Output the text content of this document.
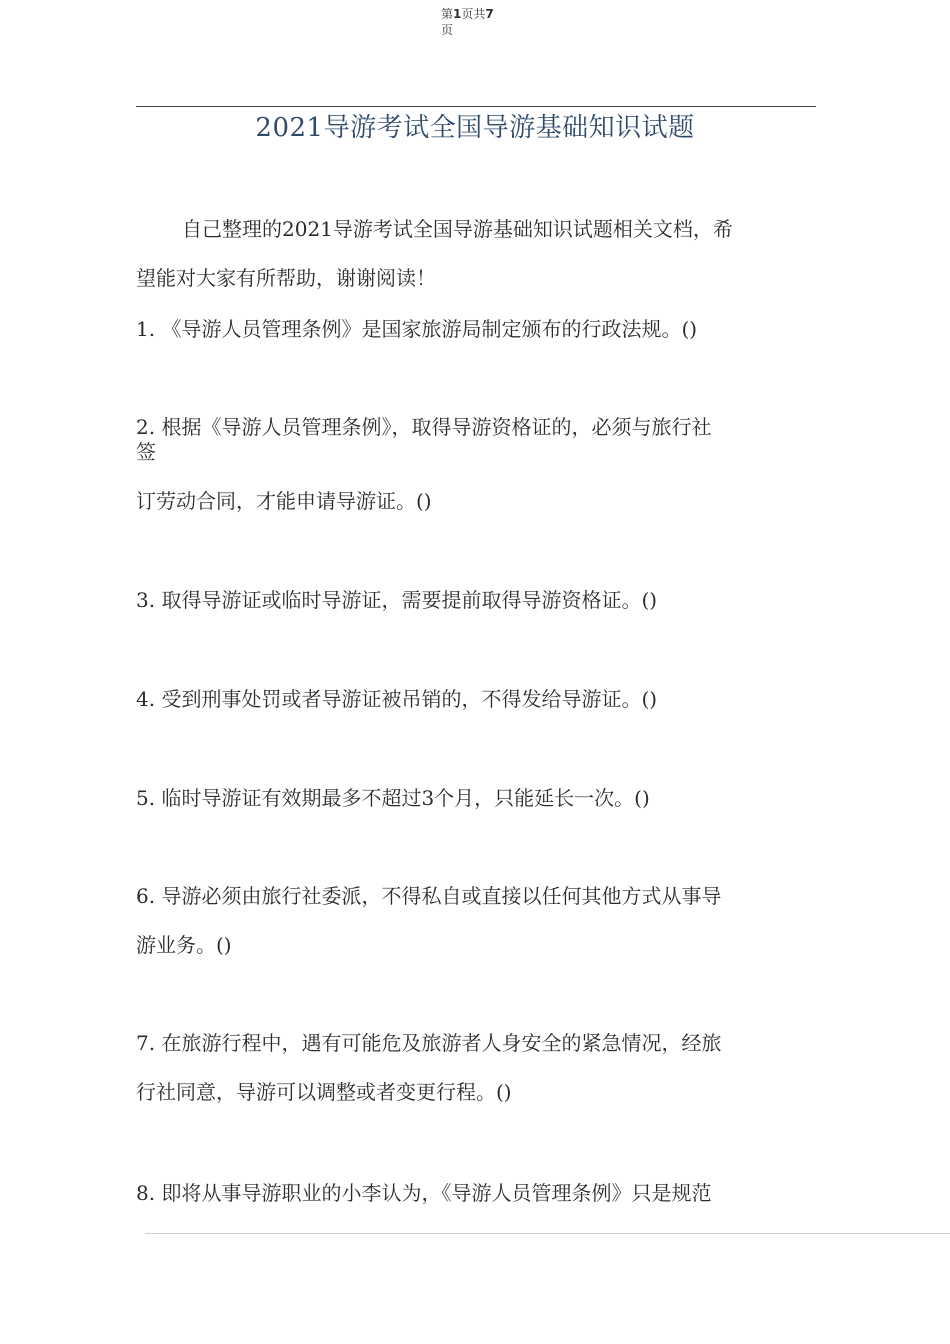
第1页共7
页
2021导游考试全国导游基础知识试题
自己整理的2021导游考试全国导游基础知识试题相关文档，希
望能对大家有所帮助，谢谢阅读！
1. 《导游人员管理条例》是国家旅游局制定颁布的行政法规。()
2. 根据《导游人员管理条例》，取得导游资格证的，必须与旅行社
签
订劳动合同，才能申请导游证。()
3. 取得导游证或临时导游证，需要提前取得导游资格证。()
4. 受到刑事处罚或者导游证被吊销的，不得发给导游证。()
5. 临时导游证有效期最多不超过3个月，只能延长一次。()
6. 导游必须由旅行社委派，不得私自或直接以任何其他方式从事导
游业务。()
7. 在旅游行程中，遇有可能危及旅游者人身安全的紧急情况，经旅
行社同意，导游可以调整或者变更行程。()
8. 即将从事导游职业的小李认为，《导游人员管理条例》只是规范
